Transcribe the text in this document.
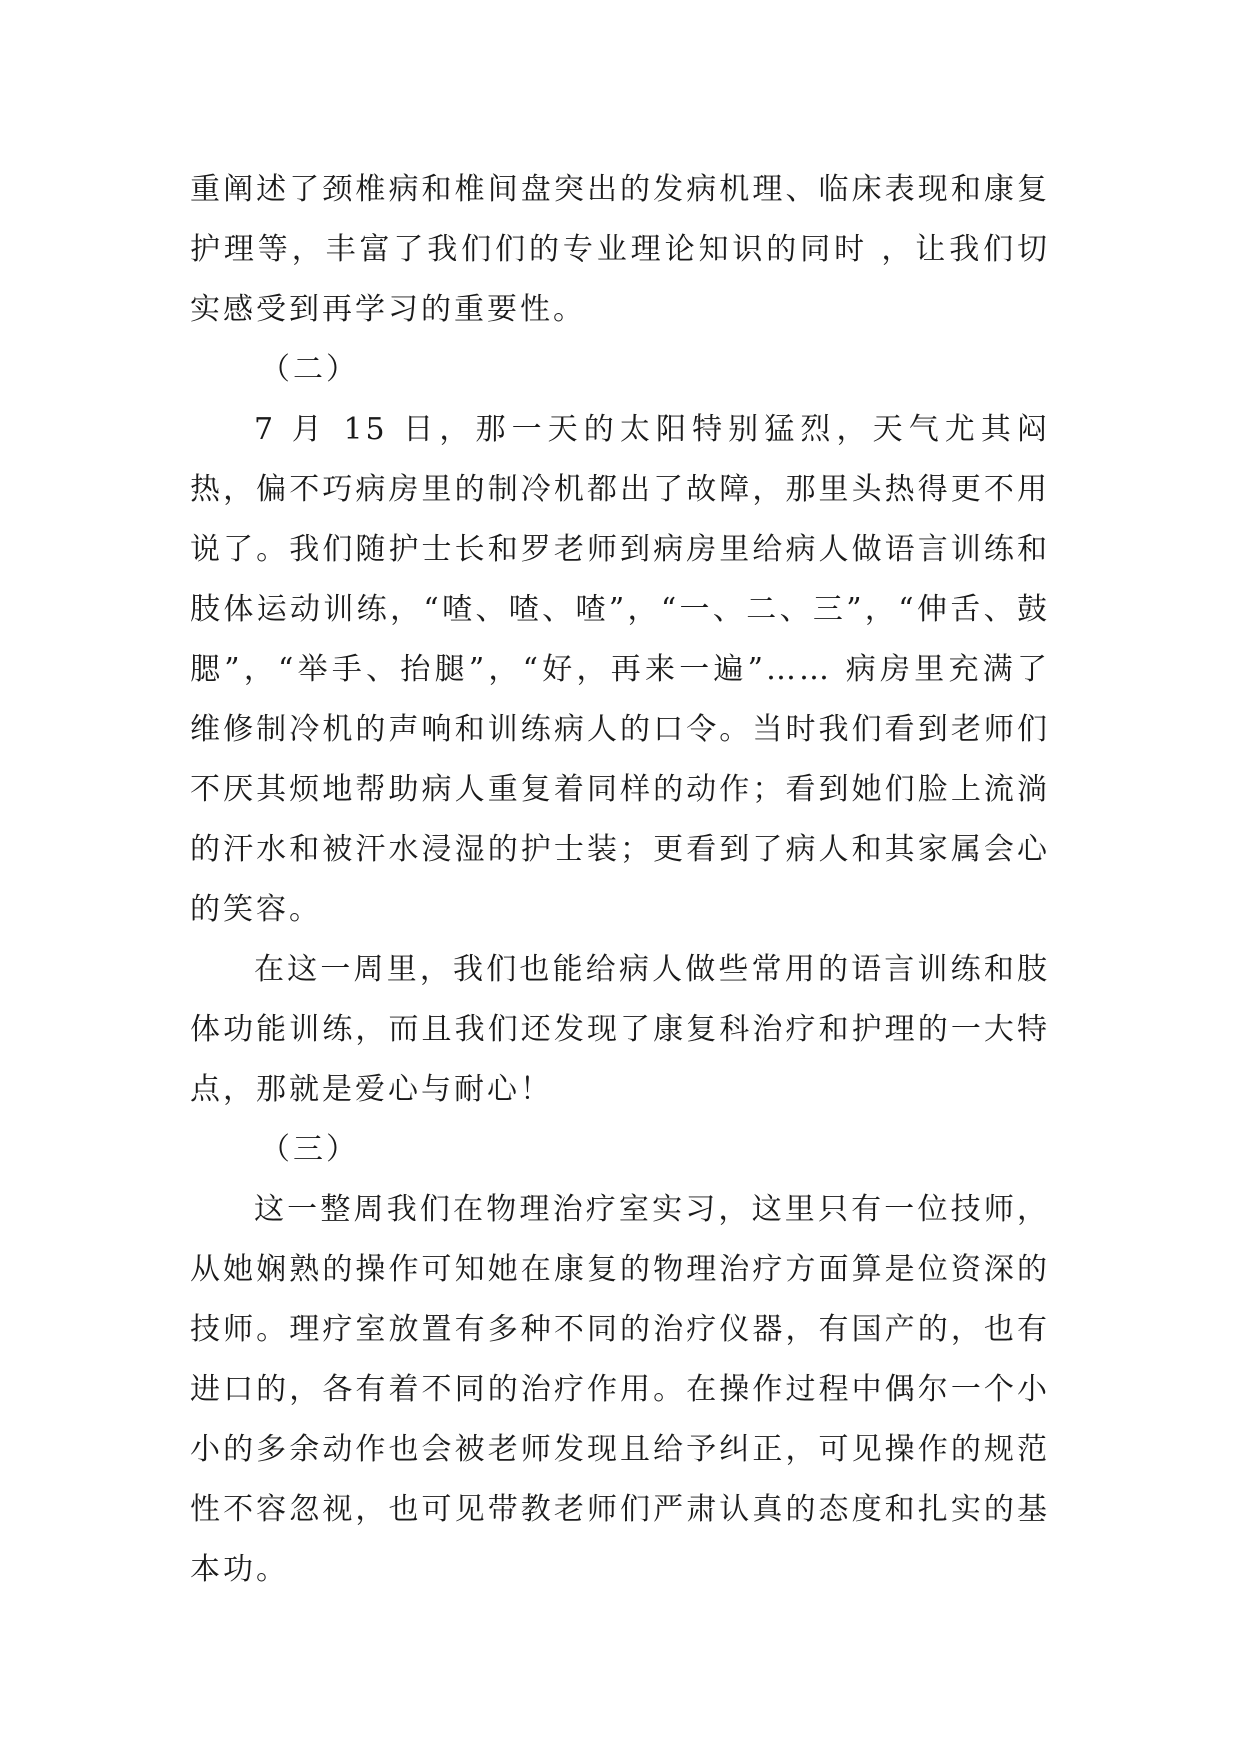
重阐述了颈椎病和椎间盘突出的发病机理、临床表现和康复护理等，丰富了我们们的专业理论知识的同时 ，让我们切实感受到再学习的重要性。

（二）

7 月 15 日，那一天的太阳特别猛烈，天气尤其闷热，偏不巧病房里的制冷机都出了故障，那里头热得更不用说了。我们随护士长和罗老师到病房里给病人做语言训练和肢体运动训练，“喳、喳、喳”，“一、二、三”，“伸舌、鼓腮”，“举手、抬腿”，“好，再来一遍”…… 病房里充满了维修制冷机的声响和训练病人的口令。当时我们看到老师们不厌其烦地帮助病人重复着同样的动作；看到她们脸上流淌的汗水和被汗水浸湿的护士装；更看到了病人和其家属会心的笑容。

在这一周里，我们也能给病人做些常用的语言训练和肢体功能训练，而且我们还发现了康复科治疗和护理的一大特点，那就是爱心与耐心！

（三）

这一整周我们在物理治疗室实习，这里只有一位技师，从她娴熟的操作可知她在康复的物理治疗方面算是位资深的技师。理疗室放置有多种不同的治疗仪器，有国产的，也有进口的，各有着不同的治疗作用。在操作过程中偶尔一个小小的多余动作也会被老师发现且给予纠正，可见操作的规范性不容忽视，也可见带教老师们严肃认真的态度和扎实的基本功。
